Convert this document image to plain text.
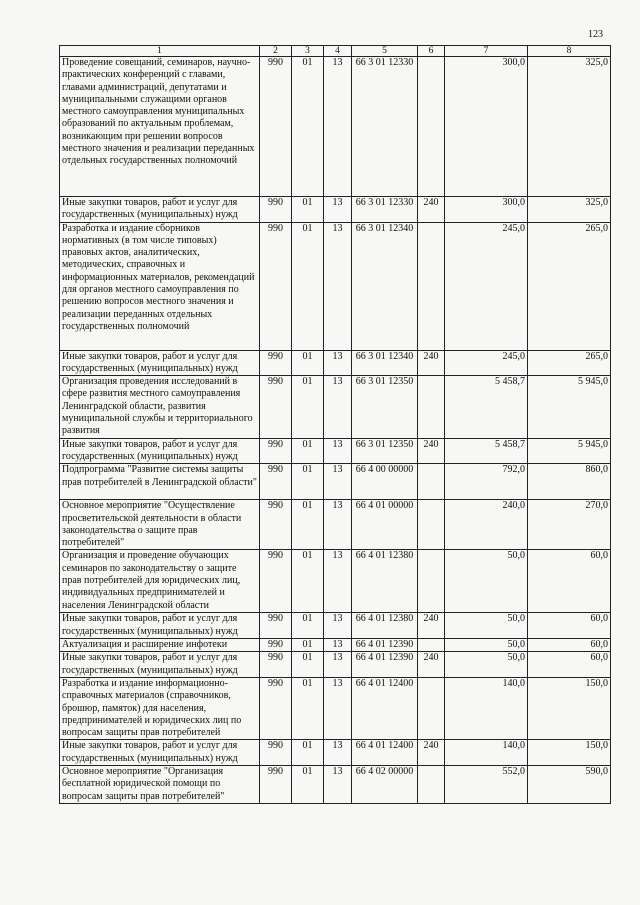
123
1	2	3	4	5	6	7	8
Проведение совещаний, семинаров, научно-практических конференций с главами, главами администраций, депутатами и муниципальными служащими органов местного самоуправления муниципальных образований по актуальным проблемам, возникающим при решении вопросов местного значения и реализации переданных отдельных государственных полномочий	990	01	13	66 3 01 12330		300,0	325,0
Иные закупки товаров, работ и услуг для государственных (муниципальных) нужд	990	01	13	66 3 01 12330	240	300,0	325,0
Разработка и издание сборников нормативных (в том числе типовых) правовых актов, аналитических, методических, справочных и информационных материалов, рекомендаций для органов местного самоуправления по решению вопросов местного значения и реализации переданных отдельных государственных полномочий	990	01	13	66 3 01 12340		245,0	265,0
Иные закупки товаров, работ и услуг для государственных (муниципальных) нужд	990	01	13	66 3 01 12340	240	245,0	265,0
Организация проведения исследований в сфере развития местного самоуправления Ленинградской области, развития муниципальной службы и территориального развития	990	01	13	66 3 01 12350		5 458,7	5 945,0
Иные закупки товаров, работ и услуг для государственных (муниципальных) нужд	990	01	13	66 3 01 12350	240	5 458,7	5 945,0
Подпрограмма "Развитие системы защиты прав потребителей в Ленинградской области"	990	01	13	66 4 00 00000		792,0	860,0
Основное мероприятие "Осуществление просветительской деятельности в области законодательства о защите прав потребителей"	990	01	13	66 4 01 00000		240,0	270,0
Организация и проведение обучающих семинаров по законодательству о защите прав потребителей для юридических лиц, индивидуальных предпринимателей и населения Ленинградской области	990	01	13	66 4 01 12380		50,0	60,0
Иные закупки товаров, работ и услуг для государственных (муниципальных) нужд	990	01	13	66 4 01 12380	240	50,0	60,0
Актуализация и расширение инфотеки	990	01	13	66 4 01 12390		50,0	60,0
Иные закупки товаров, работ и услуг для государственных (муниципальных) нужд	990	01	13	66 4 01 12390	240	50,0	60,0
Разработка и издание информационно-справочных материалов (справочников, брошюр, памяток) для населения, предпринимателей и юридических лиц по вопросам защиты прав потребителей	990	01	13	66 4 01 12400		140,0	150,0
Иные закупки товаров, работ и услуг для государственных (муниципальных) нужд	990	01	13	66 4 01 12400	240	140,0	150,0
Основное мероприятие "Организация бесплатной юридической помощи по вопросам защиты прав потребителей"	990	01	13	66 4 02 00000		552,0	590,0
